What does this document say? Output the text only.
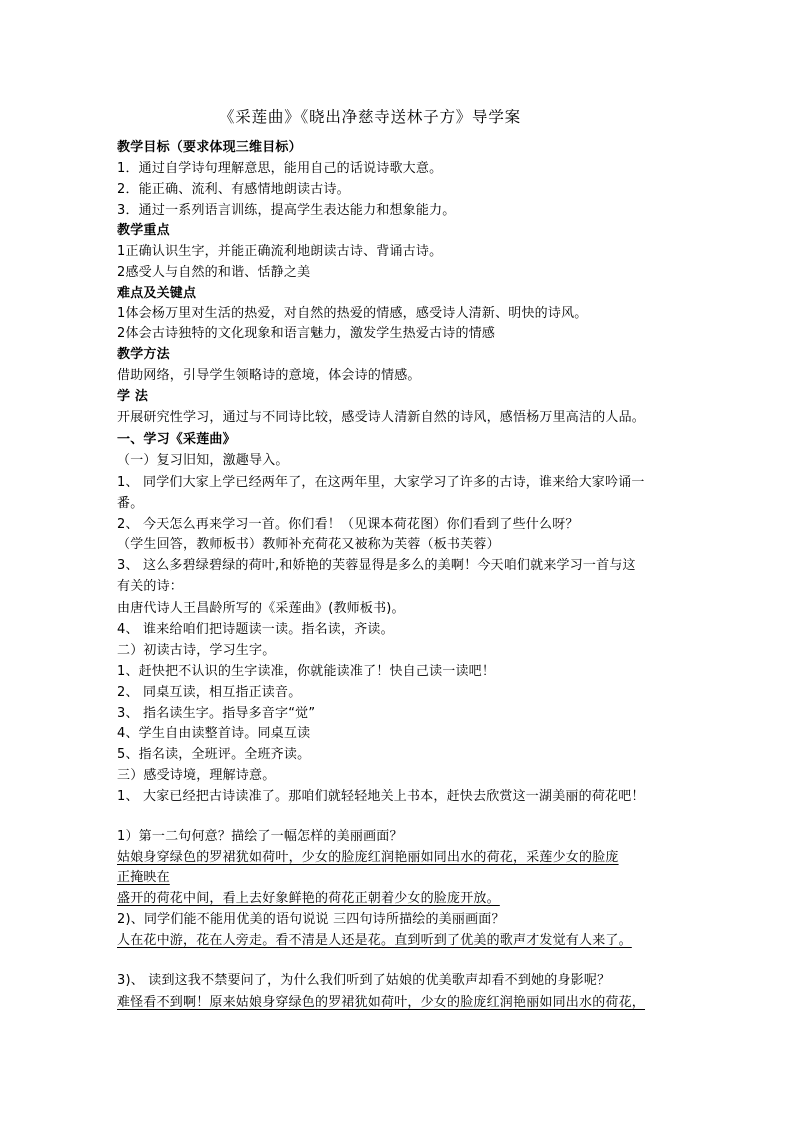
《采莲曲》《晓出净慈寺送林子方》导学案
教学目标（要求体现三维目标）
1．通过自学诗句理解意思，能用自己的话说诗歌大意。
2．能正确、流利、有感情地朗读古诗。
3．通过一系列语言训练，提高学生表达能力和想象能力。
教学重点
1正确认识生字，并能正确流利地朗读古诗、背诵古诗。
2感受人与自然的和谐、恬静之美
难点及关键点
1体会杨万里对生活的热爱，对自然的热爱的情感，感受诗人清新、明快的诗风。
2体会古诗独特的文化现象和语言魅力，激发学生热爱古诗的情感
教学方法
借助网络，引导学生领略诗的意境，体会诗的情感。
学 法
开展研究性学习，通过与不同诗比较，感受诗人清新自然的诗风，感悟杨万里高洁的人品。
一、学习《采莲曲》
（一）复习旧知，激趣导入。
1、 同学们大家上学已经两年了，在这两年里，大家学习了许多的古诗，谁来给大家吟诵一
番。
2、 今天怎么再来学习一首。你们看！（见课本荷花图）你们看到了些什么呀？
（学生回答，教师板书）教师补充荷花又被称为芙蓉（板书芙蓉）
3、 这么多碧绿碧绿的荷叶,和娇艳的芙蓉显得是多么的美啊！今天咱们就来学习一首与这
有关的诗：
由唐代诗人王昌龄所写的《采莲曲》(教师板书)。
4、 谁来给咱们把诗题读一读。指名读，齐读。
二）初读古诗，学习生字。
1、赶快把不认识的生字读准，你就能读准了！快自己读一读吧！
2、 同桌互读，相互指正读音。
3、 指名读生字。指导多音字“觉”
4、学生自由读整首诗。同桌互读
5、指名读，全班评。全班齐读。
三）感受诗境，理解诗意。
1、 大家已经把古诗读准了。那咱们就轻轻地关上书本，赶快去欣赏这一湖美丽的荷花吧！
1）第一二句何意？描绘了一幅怎样的美丽画面？
姑娘身穿绿色的罗裙犹如荷叶，少女的脸庞红润艳丽如同出水的荷花，采莲少女的脸庞
正掩映在
盛开的荷花中间，看上去好象鲜艳的荷花正朝着少女的脸庞开放。
2)、同学们能不能用优美的语句说说 三四句诗所描绘的美丽画面？
人在花中游，花在人旁走。看不清是人还是花。直到听到了优美的歌声才发觉有人来了。
3)、 读到这我不禁要问了，为什么我们听到了姑娘的优美歌声却看不到她的身影呢？
难怪看不到啊！原来姑娘身穿绿色的罗裙犹如荷叶，少女的脸庞红润艳丽如同出水的荷花，
